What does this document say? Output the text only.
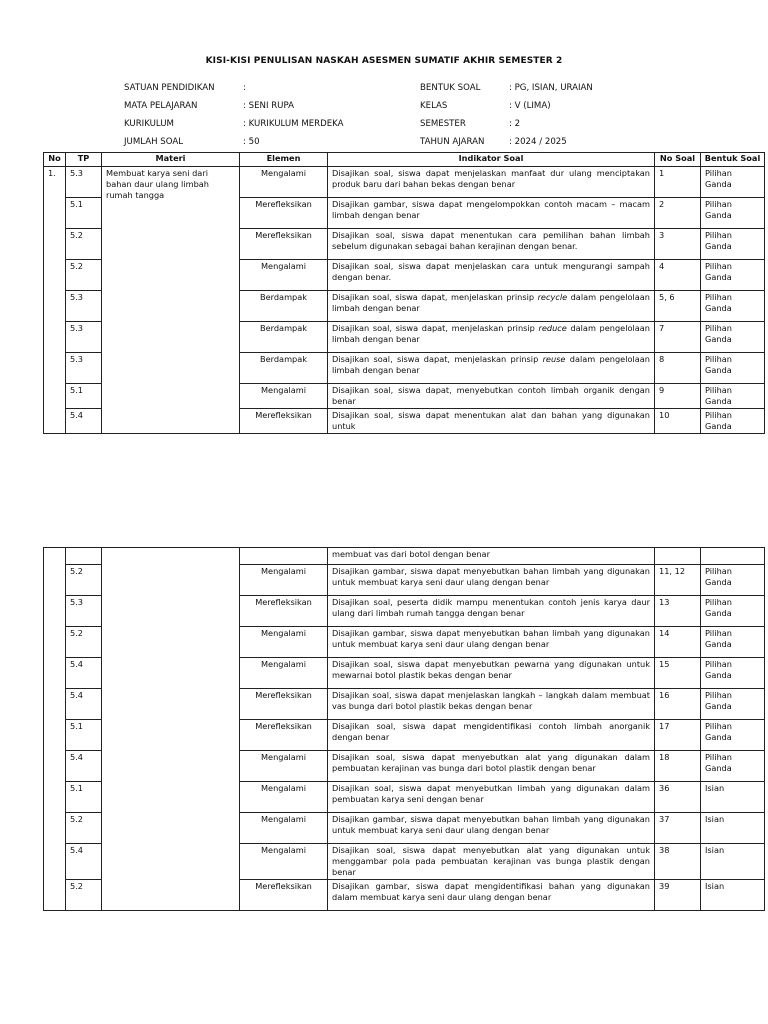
KISI-KISI PENULISAN NASKAH ASESMEN SUMATIF AKHIR SEMESTER 2
SATUAN PENDIDIKAN	:
MATA PELAJARAN	: SENI RUPA
KURIKULUM	: KURIKULUM MERDEKA
JUMLAH SOAL	: 50
BENTUK SOAL	: PG, ISIAN, URAIAN
KELAS	: V (LIMA)
SEMESTER	: 2
TAHUN AJARAN	: 2024 / 2025
No	TP	Materi	Elemen	Indikator Soal	No Soal	Bentuk Soal
1.	5.3	Membuat karya seni dari bahan daur ulang limbah rumah tangga	Mengalami	Disajikan soal, siswa dapat menjelaskan manfaat dur ulang menciptakan produk baru dari bahan bekas dengan benar	1	Pilihan Ganda
	5.1		Merefleksikan	Disajikan gambar, siswa dapat mengelompokkan contoh macam – macam limbah dengan benar	2	Pilihan Ganda
	5.2		Merefleksikan	Disajikan soal, siswa dapat menentukan cara pemilihan bahan limbah sebelum digunakan sebagai bahan kerajinan dengan benar.	3	Pilihan Ganda
	5.2		Mengalami	Disajikan soal, siswa dapat menjelaskan cara untuk mengurangi sampah dengan benar.	4	Pilihan Ganda
	5.3		Berdampak	Disajikan soal, siswa dapat, menjelaskan prinsip recycle dalam pengelolaan limbah dengan benar	5, 6	Pilihan Ganda
	5.3		Berdampak	Disajikan soal, siswa dapat, menjelaskan prinsip reduce dalam pengelolaan limbah dengan benar	7	Pilihan Ganda
	5.3		Berdampak	Disajikan soal, siswa dapat, menjelaskan prinsip reuse dalam pengelolaan limbah dengan benar	8	Pilihan Ganda
	5.1		Mengalami	Disajikan soal, siswa dapat, menyebutkan contoh limbah organik dengan benar	9	Pilihan Ganda
	5.4		Merefleksikan	Disajikan soal, siswa dapat menentukan alat dan bahan yang digunakan untuk	10	Pilihan Ganda
				membuat vas dari botol dengan benar		
	5.2		Mengalami	Disajikan gambar, siswa dapat menyebutkan bahan limbah yang digunakan untuk membuat karya seni daur ulang dengan benar	11, 12	Pilihan Ganda
	5.3		Merefleksikan	Disajikan soal, peserta didik mampu menentukan contoh jenis karya daur ulang dari limbah rumah tangga dengan benar	13	Pilihan Ganda
	5.2		Mengalami	Disajikan gambar, siswa dapat menyebutkan bahan limbah yang digunakan untuk membuat karya seni daur ulang dengan benar	14	Pilihan Ganda
	5.4		Mengalami	Disajikan soal, siswa dapat menyebutkan pewarna yang digunakan untuk mewarnai botol plastik bekas dengan benar	15	Pilihan Ganda
	5.4		Merefleksikan	Disajikan soal, siswa dapat menjelaskan langkah – langkah dalam membuat vas bunga dari botol plastik bekas dengan benar	16	Pilihan Ganda
	5.1		Merefleksikan	Disajikan soal, siswa dapat mengidentifikasi contoh limbah anorganik dengan benar	17	Pilihan Ganda
	5.4		Mengalami	Disajikan soal, siswa dapat menyebutkan alat yang digunakan dalam pembuatan kerajinan vas bunga dari botol plastik dengan benar	18	Pilihan Ganda
	5.1		Mengalami	Disajikan soal, siswa dapat menyebutkan limbah yang digunakan dalam pembuatan karya seni dengan benar	36	Isian
	5.2		Mengalami	Disajikan gambar, siswa dapat menyebutkan bahan limbah yang digunakan untuk membuat karya seni daur ulang dengan benar	37	Isian
	5.4		Mengalami	Disajikan soal, siswa dapat menyebutkan alat yang digunakan untuk menggambar pola pada pembuatan kerajinan vas bunga plastik dengan benar	38	Isian
	5.2		Merefleksikan	Disajikan gambar, siswa dapat mengidentifikasi bahan yang digunakan dalam membuat karya seni daur ulang dengan benar	39	Isian
